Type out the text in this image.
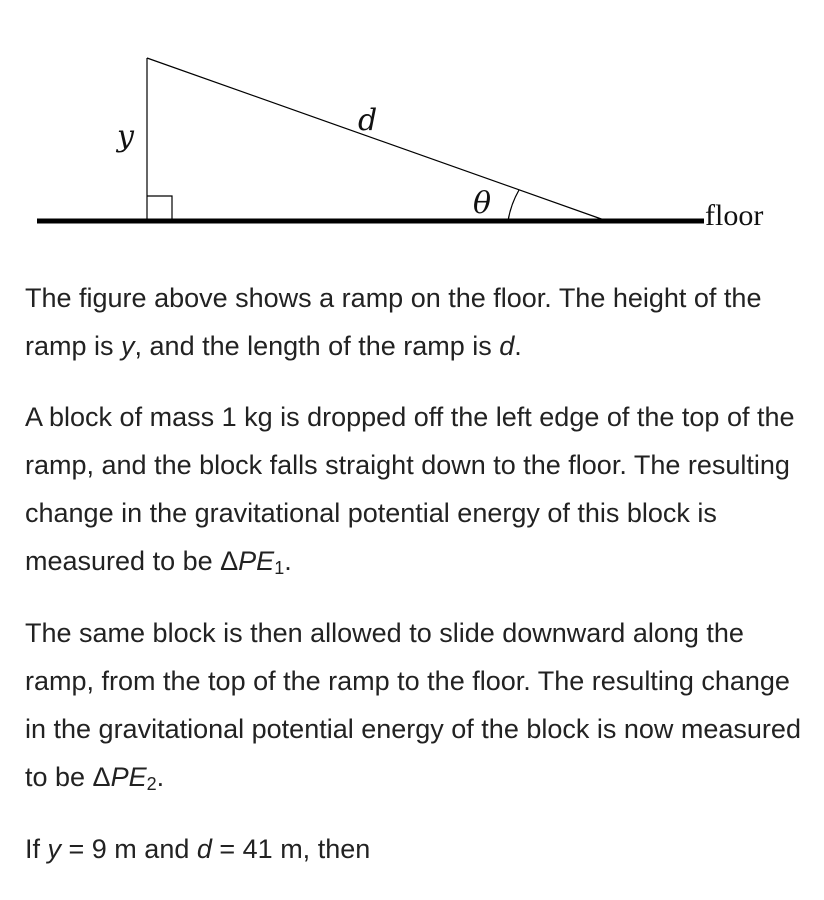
y	d
θ	floor

The figure above shows a ramp on the floor. The height of the ramp is y, and the length of the ramp is d.

A block of mass 1 kg is dropped off the left edge of the top of the ramp, and the block falls straight down to the floor. The resulting change in the gravitational potential energy of this block is measured to be $\Delta PE_1$.

The same block is then allowed to slide downward along the ramp, from the top of the ramp to the floor. The resulting change in the gravitational potential energy of the block is now measured to be $\Delta PE_2$.

If y = 9 m and d = 41 m, then
